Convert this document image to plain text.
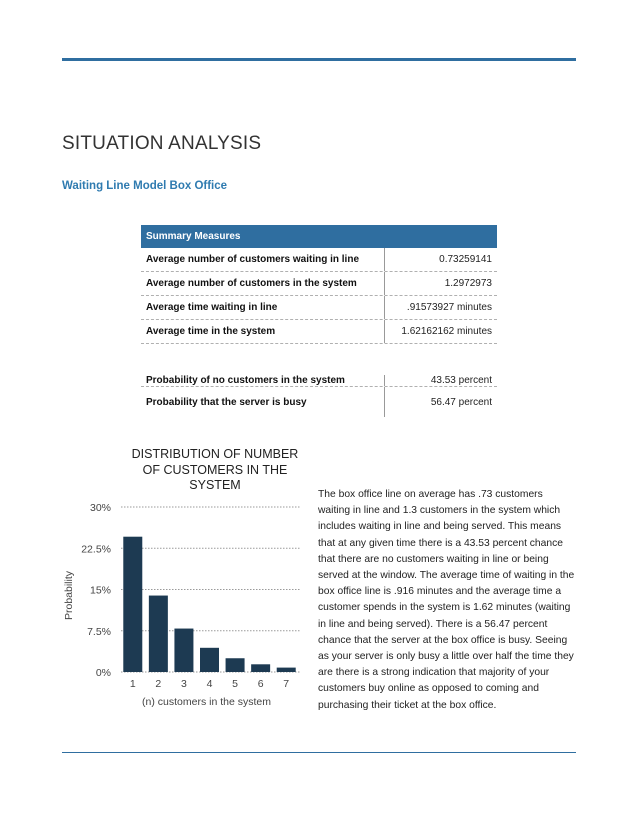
SITUATION ANALYSIS
Waiting Line Model Box Office
Summary Measures
Average number of customers waiting in line	0.73259141
Average number of customers in the system	1.2972973
Average time waiting in line	.91573927 minutes
Average time in the system	1.62162162 minutes
Probability of no customers in the system	43.53 percent
Probability that the server is busy	56.47 percent
DISTRIBUTION OF NUMBER
OF CUSTOMERS IN THE
SYSTEM
0%
7.5%
15%
22.5%
30%
1 2 3 4 5 6 7
(n) customers in the system
Probability
The box office line on average has .73 customers waiting in line and 1.3 customers in the system which includes waiting in line and being served. This means that at any given time there is a 43.53 percent chance that there are no customers waiting in line or being served at the window. The average time of waiting in the box office line is .916 minutes and the average time a customer spends in the system is 1.62 minutes (waiting in line and being served). There is a 56.47 percent chance that the server at the box office is busy. Seeing as your server is only busy a little over half the time they are there is a strong indication that majority of your customers buy online as opposed to coming and purchasing their ticket at the box office.
